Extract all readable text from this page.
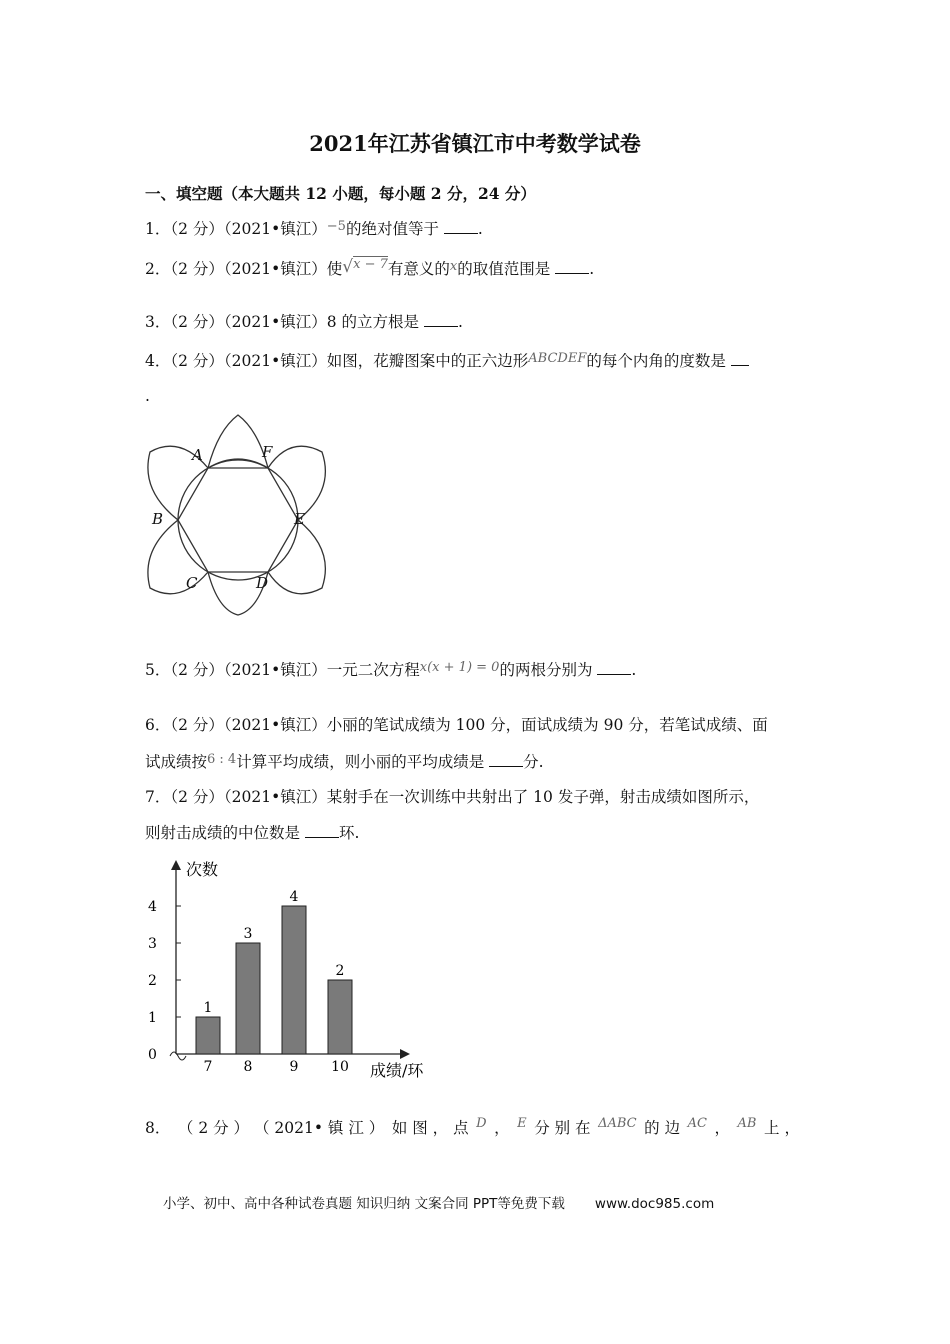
2021年江苏省镇江市中考数学试卷
一、填空题（本大题共 12 小题，每小题 2 分，24 分）
1．（2 分）（2021•镇江）$^{-5}$的绝对值等于	.
2．（2 分）（2021•镇江）使√$^{x - 7}$有意义的$^x$的取值范围是	.
3．（2 分）（2021•镇江）8 的立方根是	.
4．（2 分）（2021•镇江）如图，花瓣图案中的正六边形$^{ABCDEF}$的每个内角的度数是
.
A	F
B	E
C	D
5．（2 分）（2021•镇江）一元二次方程$^{x(x + 1) = 0}$的两根分别为	.
6．（2 分）（2021•镇江）小丽的笔试成绩为 100 分，面试成绩为 90 分，若笔试成绩、面
试成绩按$^{6 : 4}$计算平均成绩，则小丽的平均成绩是	分.
7．（2 分）（2021•镇江）某射手在一次训练中共射出了 10 发子弹，射击成绩如图所示，
则射击成绩的中位数是	环.
0
1
2
3
4
1
7
3
8
4
9
2
10
次数
成绩/环
8． （ 2 分 ） （ 2021• 镇 江 ） 如 图 ， 点 D ， E 分 别 在 ΔABC 的 边 AC ， AB 上 ，
小学、初中、高中各种试卷真题 知识归纳 文案合同 PPT等免费下载 www.doc985.com
